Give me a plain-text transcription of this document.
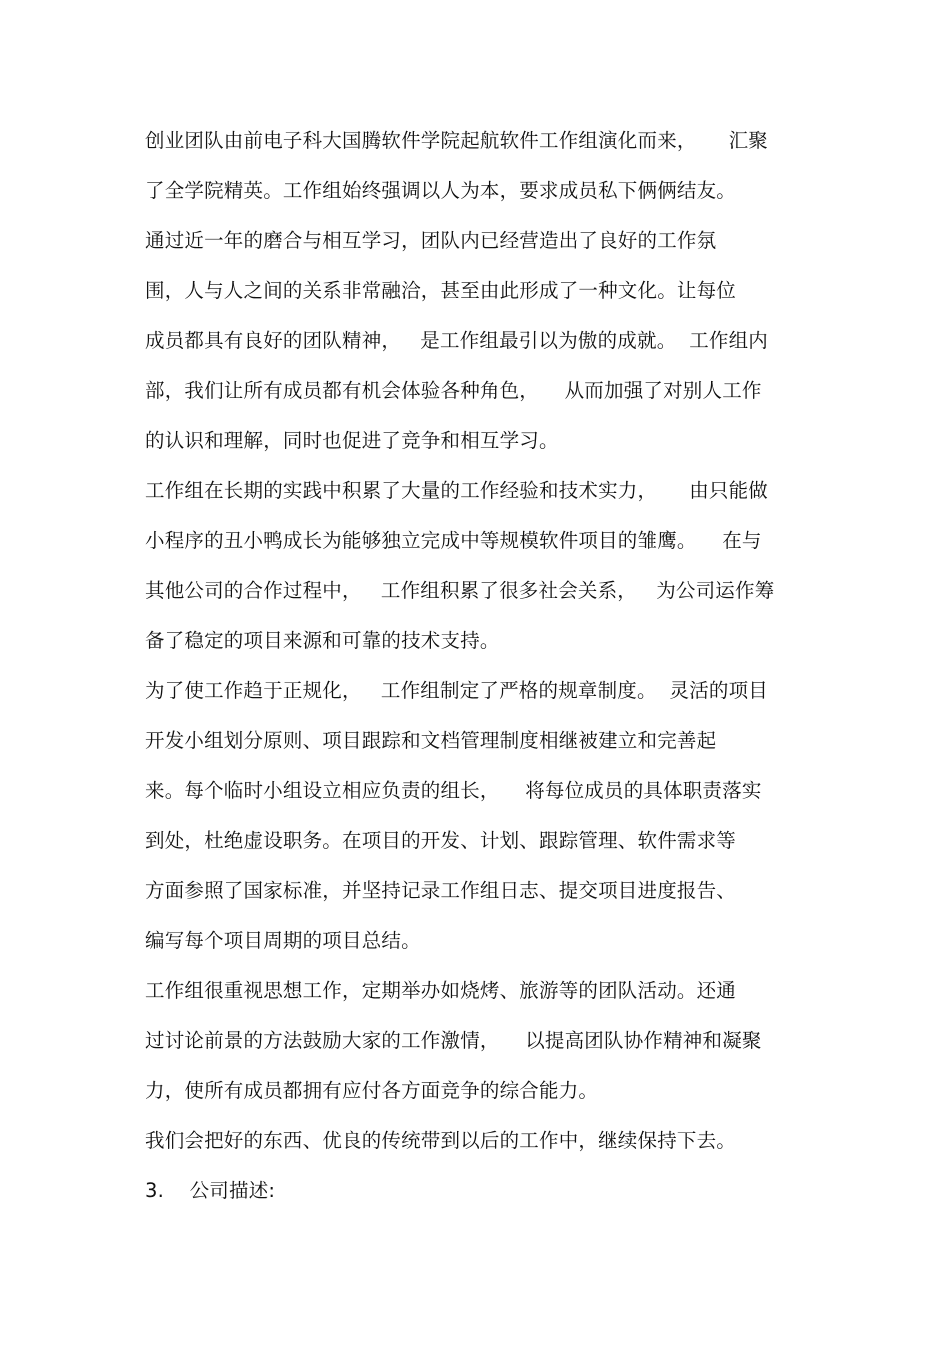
创业团队由前电子科大国腾软件学院起航软件工作组演化而来，     汇聚
了全学院精英。工作组始终强调以人为本，要求成员私下俩俩结友。
通过近一年的磨合与相互学习，团队内已经营造出了良好的工作氛
围，人与人之间的关系非常融洽，甚至由此形成了一种文化。让每位
成员都具有良好的团队精神，   是工作组最引以为傲的成就。  工作组内
部，我们让所有成员都有机会体验各种角色，    从而加强了对别人工作
的认识和理解，同时也促进了竞争和相互学习。
工作组在长期的实践中积累了大量的工作经验和技术实力，     由只能做
小程序的丑小鸭成长为能够独立完成中等规模软件项目的雏鹰。    在与
其他公司的合作过程中，   工作组积累了很多社会关系，   为公司运作筹
备了稳定的项目来源和可靠的技术支持。
为了使工作趋于正规化，   工作组制定了严格的规章制度。  灵活的项目
开发小组划分原则、项目跟踪和文档管理制度相继被建立和完善起
来。每个临时小组设立相应负责的组长，    将每位成员的具体职责落实
到处，杜绝虚设职务。在项目的开发、计划、跟踪管理、软件需求等
方面参照了国家标准，并坚持记录工作组日志、提交项目进度报告、
编写每个项目周期的项目总结。
工作组很重视思想工作，定期举办如烧烤、旅游等的团队活动。还通
过讨论前景的方法鼓励大家的工作激情，    以提高团队协作精神和凝聚
力，使所有成员都拥有应付各方面竞争的综合能力。
我们会把好的东西、优良的传统带到以后的工作中，继续保持下去。
3.    公司描述:
